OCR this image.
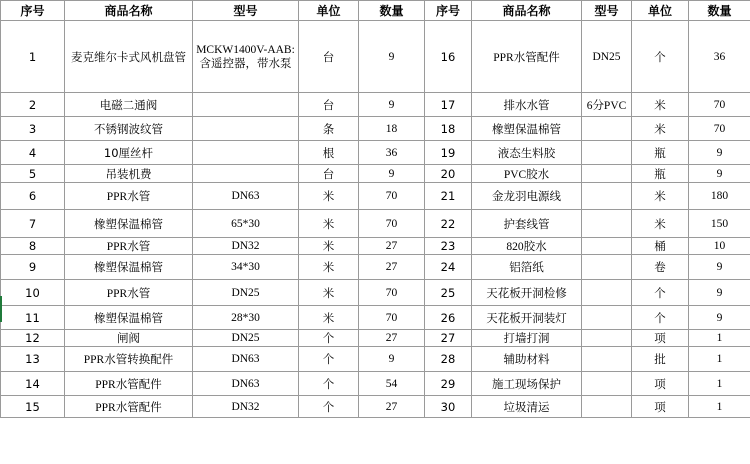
序号	商品名称	型号	单位	数量	序号	商品名称	型号	单位	数量
1	麦克维尔卡式风机盘管	MCKW1400V-AAB: 含遥控器，带水泵	台	9	16	PPR水管配件	DN25	个	36
2	电磁二通阀		台	9	17	排水水管	6分PVC	米	70
3	不锈钢波纹管		条	18	18	橡塑保温棉管		米	70
4	10厘丝杆		根	36	19	液态生料胶		瓶	9
5	吊装机费		台	9	20	PVC胶水		瓶	9
6	PPR水管	DN63	米	70	21	金龙羽电源线		米	180
7	橡塑保温棉管	65*30	米	70	22	护套线管		米	150
8	PPR水管	DN32	米	27	23	820胶水		桶	10
9	橡塑保温棉管	34*30	米	27	24	铝箔纸		卷	9
10	PPR水管	DN25	米	70	25	天花板开洞检修		个	9
11	橡塑保温棉管	28*30	米	70	26	天花板开洞装灯		个	9
12	闸阀	DN25	个	27	27	打墙打洞		项	1
13	PPR水管转换配件	DN63	个	9	28	辅助材料		批	1
14	PPR水管配件	DN63	个	54	29	施工现场保护		项	1
15	PPR水管配件	DN32	个	27	30	垃圾清运		项	1
